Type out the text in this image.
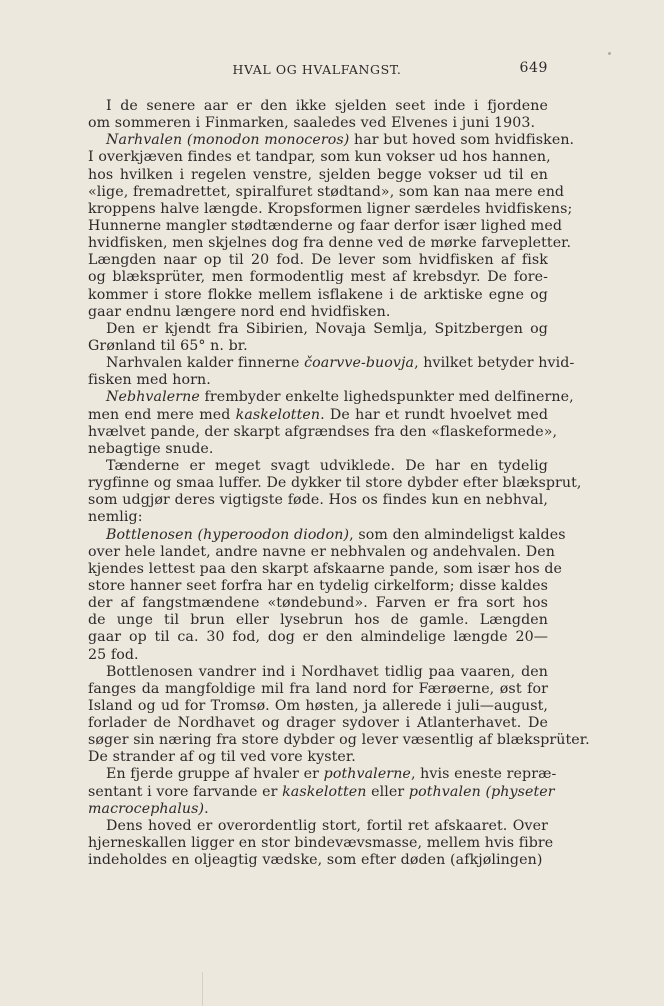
HVAL OG HVALFANGST.	649
I de senere aar er den ikke sjelden seet inde i fjordene
om sommeren i Finmarken, saaledes ved Elvenes i juni 1903.
Narhvalen (monodon monoceros) har but hoved som hvidfisken.
I overkjæven findes et tandpar, som kun vokser ud hos hannen,
hos hvilken i regelen venstre, sjelden begge vokser ud til en
«lige, fremadrettet, spiralfuret stødtand», som kan naa mere end
kroppens halve længde. Kropsformen ligner særdeles hvidfiskens;
Hunnerne mangler stødtænderne og faar derfor især lighed med
hvidfisken, men skjelnes dog fra denne ved de mørke farvepletter.
Længden naar op til 20 fod. De lever som hvidfisken af fisk
og blæksprüter, men formodentlig mest af krebsdyr. De fore-
kommer i store flokke mellem isflakene i de arktiske egne og
gaar endnu længere nord end hvidfisken.
Den er kjendt fra Sibirien, Novaja Semlja, Spitzbergen og
Grønland til 65° n. br.
Narhvalen kalder finnerne čoarvve-buovja, hvilket betyder hvid-
fisken med horn.
Nebhvalerne frembyder enkelte lighedspunkter med delfinerne,
men end mere med kaskelotten. De har et rundt hvoelvet med
hvælvet pande, der skarpt afgrændses fra den «flaskeformede»,
nebagtige snude.
Tænderne er meget svagt udviklede. De har en tydelig
rygfinne og smaa luffer. De dykker til store dybder efter blæksprut,
som udgjør deres vigtigste føde. Hos os findes kun en nebhval,
nemlig:
Bottlenosen (hyperoodon diodon), som den almindeligst kaldes
over hele landet, andre navne er nebhvalen og andehvalen. Den
kjendes lettest paa den skarpt afskaarne pande, som især hos de
store hanner seet forfra har en tydelig cirkelform; disse kaldes
der af fangstmændene «tøndebund». Farven er fra sort hos
de unge til brun eller lysebrun hos de gamle. Længden
gaar op til ca. 30 fod, dog er den almindelige længde 20—
25 fod.
Bottlenosen vandrer ind i Nordhavet tidlig paa vaaren, den
fanges da mangfoldige mil fra land nord for Færøerne, øst for
Island og ud for Tromsø. Om høsten, ja allerede i juli—august,
forlader de Nordhavet og drager sydover i Atlanterhavet. De
søger sin næring fra store dybder og lever væsentlig af blæksprüter.
De strander af og til ved vore kyster.
En fjerde gruppe af hvaler er pothvalerne, hvis eneste repræ-
sentant i vore farvande er kaskelotten eller pothvalen (physeter
macrocephalus).
Dens hoved er overordentlig stort, fortil ret afskaaret. Over
hjerneskallen ligger en stor bindevævsmasse, mellem hvis fibre
indeholdes en oljeagtig vædske, som efter døden (afkjølingen)
